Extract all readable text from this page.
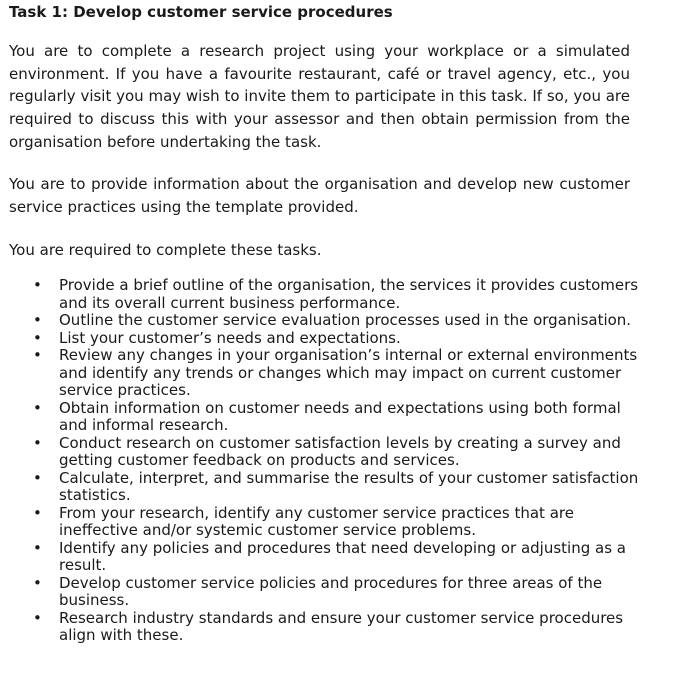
Task 1: Develop customer service procedures

You are to complete a research project using your workplace or a simulated environment. If you have a favourite restaurant, café or travel agency, etc., you regularly visit you may wish to invite them to participate in this task. If so, you are required to discuss this with your assessor and then obtain permission from the organisation before undertaking the task.

You are to provide information about the organisation and develop new customer service practices using the template provided.

You are required to complete these tasks.

• Provide a brief outline of the organisation, the services it provides customers and its overall current business performance.
• Outline the customer service evaluation processes used in the organisation.
• List your customer’s needs and expectations.
• Review any changes in your organisation’s internal or external environments and identify any trends or changes which may impact on current customer service practices.
• Obtain information on customer needs and expectations using both formal and informal research.
• Conduct research on customer satisfaction levels by creating a survey and getting customer feedback on products and services.
• Calculate, interpret, and summarise the results of your customer satisfaction statistics.
• From your research, identify any customer service practices that are ineffective and/or systemic customer service problems.
• Identify any policies and procedures that need developing or adjusting as a result.
• Develop customer service policies and procedures for three areas of the business.
• Research industry standards and ensure your customer service procedures align with these.
